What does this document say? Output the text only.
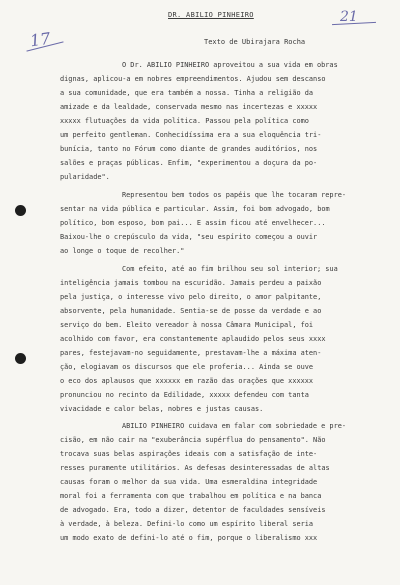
17
21
DR. ABILIO PINHEIRO
Texto de Ubirajara Rocha
O Dr. ABILIO PINHEIRO aproveitou a sua vida em obras
dignas, aplicou-a em nobres empreendimentos. Ajudou sem descanso
a sua comunidade, que era também a nossa. Tinha a religião da
amizade e da lealdade, conservada mesmo nas incertezas e xxxxx
xxxxx flutuações da vida política. Passou pela política como
um perfeito gentleman. Conhecidíssima era a sua eloquência tri-
bunícia, tanto no Fórum como diante de grandes auditórios, nos
salões e praças públicas. Enfim, "experimentou a doçura da po-
pularidade".
Representou bem todos os papéis que lhe tocaram repre-
sentar na vida pública e particular. Assim, foi bom advogado, bom
político, bom esposo, bom pai... E assim ficou até envelhecer...
Baixou-lhe o crepúsculo da vida, "seu espírito começou a ouvir
ao longe o toque de recolher."
Com efeito, até ao fim brilhou seu sol interior; sua
inteligência jamais tombou na escuridão. Jamais perdeu a paixão
pela justiça, o interesse vivo pelo direito, o amor palpitante,
absorvente, pela humanidade. Sentia-se de posse da verdade e ao
serviço do bem. Eleito vereador à nossa Câmara Municipal, foi
acolhido com favor, era constantemente aplaudido pelos seus xxxx
pares, festejavam-no seguidamente, prestavam-lhe a máxima aten-
ção, elogiavam os discursos que ele proferia... Ainda se ouve
o eco dos aplausos que xxxxxx em razão das orações que xxxxxx
pronunciou no recinto da Edilidade, xxxxx defendeu com tanta
vivacidade e calor belas, nobres e justas causas.
ABILIO PINHEIRO cuidava em falar com sobriedade e pre-
cisão, em não cair na "exuberância supérflua do pensamento". Não
trocava suas belas aspirações ideais com a satisfação de inte-
resses puramente utilitários. As defesas desinteressadas de altas
causas foram o melhor da sua vida. Uma esmeraldina integridade
moral foi a ferramenta com que trabalhou em política e na banca
de advogado. Era, todo a dizer, detentor de faculdades sensíveis
à verdade, à beleza. Defini-lo como um espírito liberal seria
um modo exato de defini-lo até o fim, porque o liberalismo xxx
